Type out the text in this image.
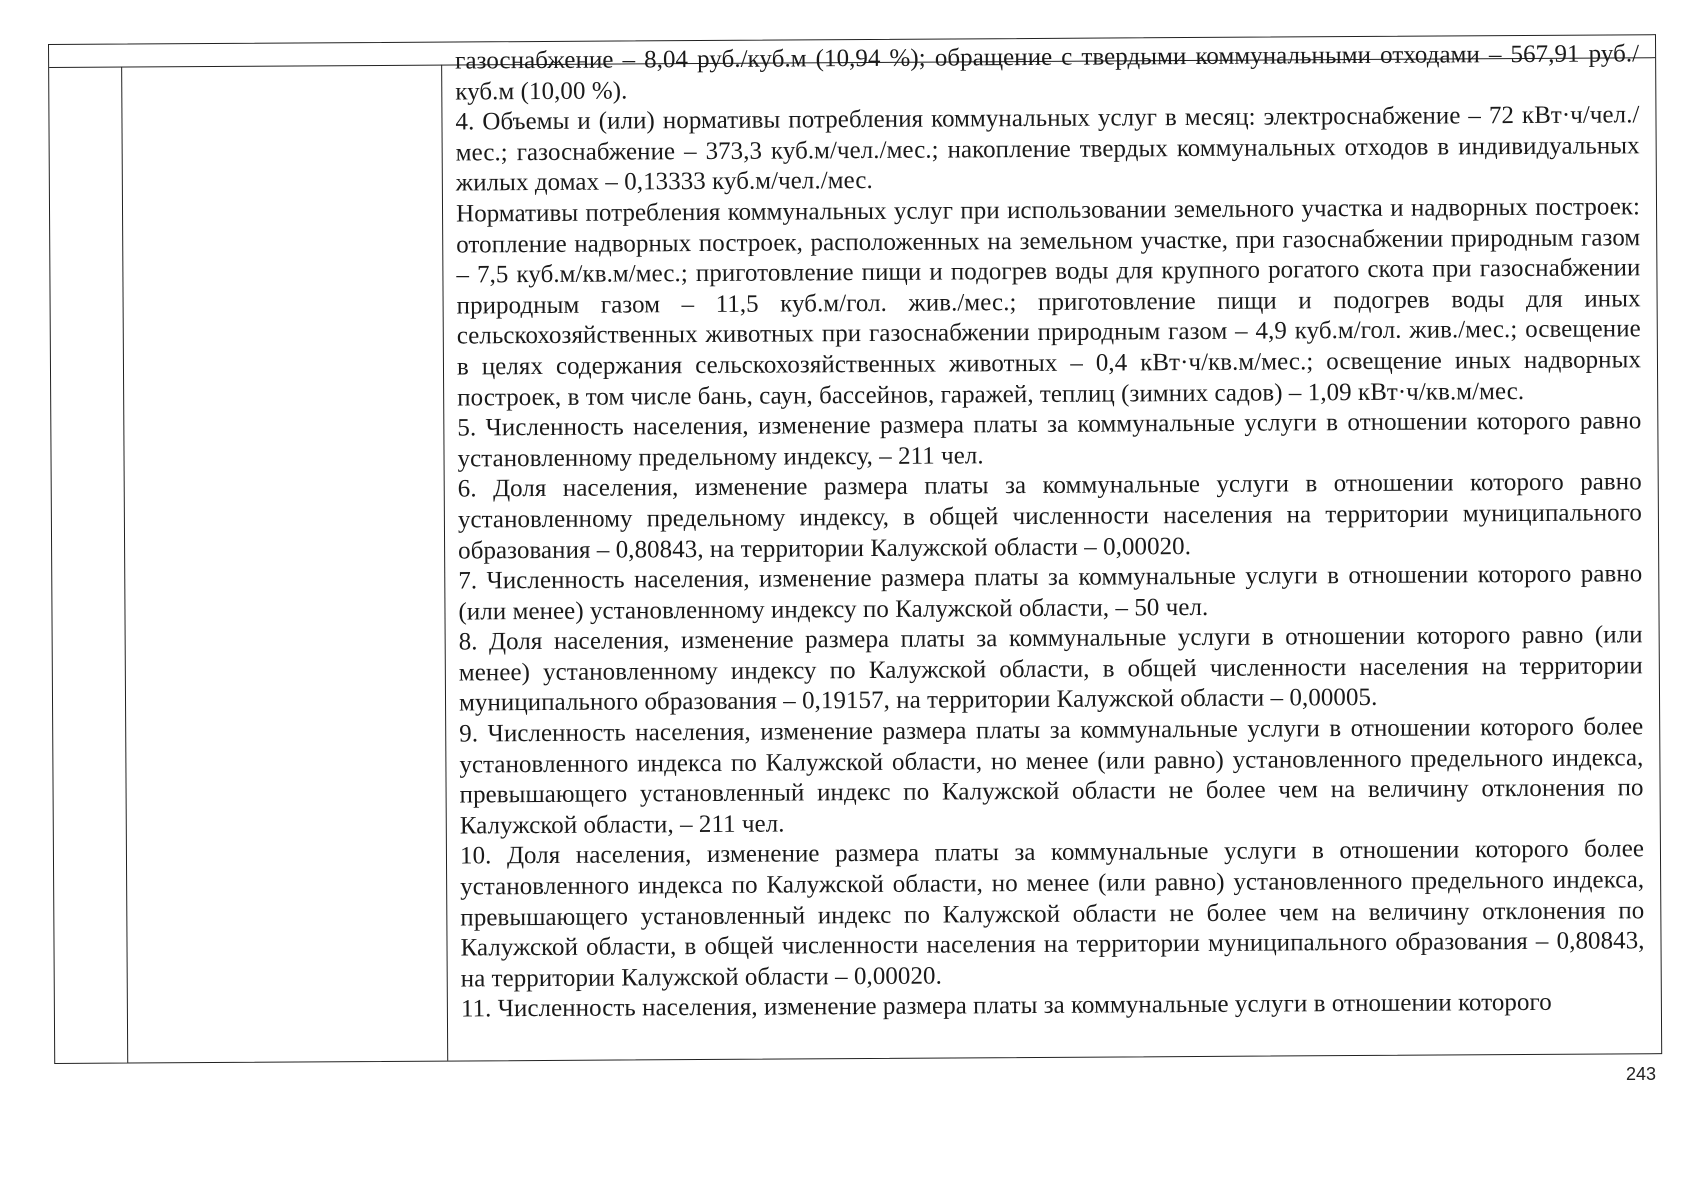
газоснабжение – 8,04 руб./куб.м (10,94 %); обращение с твердыми коммунальными отходами – 567,91 руб./куб.м (10,00 %).

4. Объемы и (или) нормативы потребления коммунальных услуг в месяц: электроснабжение – 72 кВт·ч/чел./мес.; газоснабжение – 373,3 куб.м/чел./мес.; накопление твердых коммунальных отходов в индивидуальных жилых домах – 0,13333 куб.м/чел./мес.

Нормативы потребления коммунальных услуг при использовании земельного участка и надворных построек: отопление надворных построек, расположенных на земельном участке, при газоснабжении природным газом – 7,5 куб.м/кв.м/мес.; приготовление пищи и подогрев воды для крупного рогатого скота при газоснабжении природным газом – 11,5 куб.м/гол. жив./мес.; приготовление пищи и подогрев воды для иных сельскохозяйственных животных при газоснабжении природным газом – 4,9 куб.м/гол. жив./мес.; освещение в целях содержания сельскохозяйственных животных – 0,4 кВт·ч/кв.м/мес.; освещение иных надворных построек, в том числе бань, саун, бассейнов, гаражей, теплиц (зимних садов) – 1,09 кВт·ч/кв.м/мес.

5. Численность населения, изменение размера платы за коммунальные услуги в отношении которого равно установленному предельному индексу, – 211 чел.

6. Доля населения, изменение размера платы за коммунальные услуги в отношении которого равно установленному предельному индексу, в общей численности населения на территории муниципального образования – 0,80843, на территории Калужской области – 0,00020.

7. Численность населения, изменение размера платы за коммунальные услуги в отношении которого равно (или менее) установленному индексу по Калужской области, – 50 чел.

8. Доля населения, изменение размера платы за коммунальные услуги в отношении которого равно (или менее) установленному индексу по Калужской области, в общей численности населения на территории муниципального образования – 0,19157, на территории Калужской области – 0,00005.

9. Численность населения, изменение размера платы за коммунальные услуги в отношении которого более установленного индекса по Калужской области, но менее (или равно) установленного предельного индекса, превышающего установленный индекс по Калужской области не более чем на величину отклонения по Калужской области, – 211 чел.

10. Доля населения, изменение размера платы за коммунальные услуги в отношении которого более установленного индекса по Калужской области, но менее (или равно) установленного предельного индекса, превышающего установленный индекс по Калужской области не более чем на величину отклонения по Калужской области, в общей численности населения на территории муниципального образования – 0,80843, на территории Калужской области – 0,00020.

11. Численность населения, изменение размера платы за коммунальные услуги в отношении которого

243
